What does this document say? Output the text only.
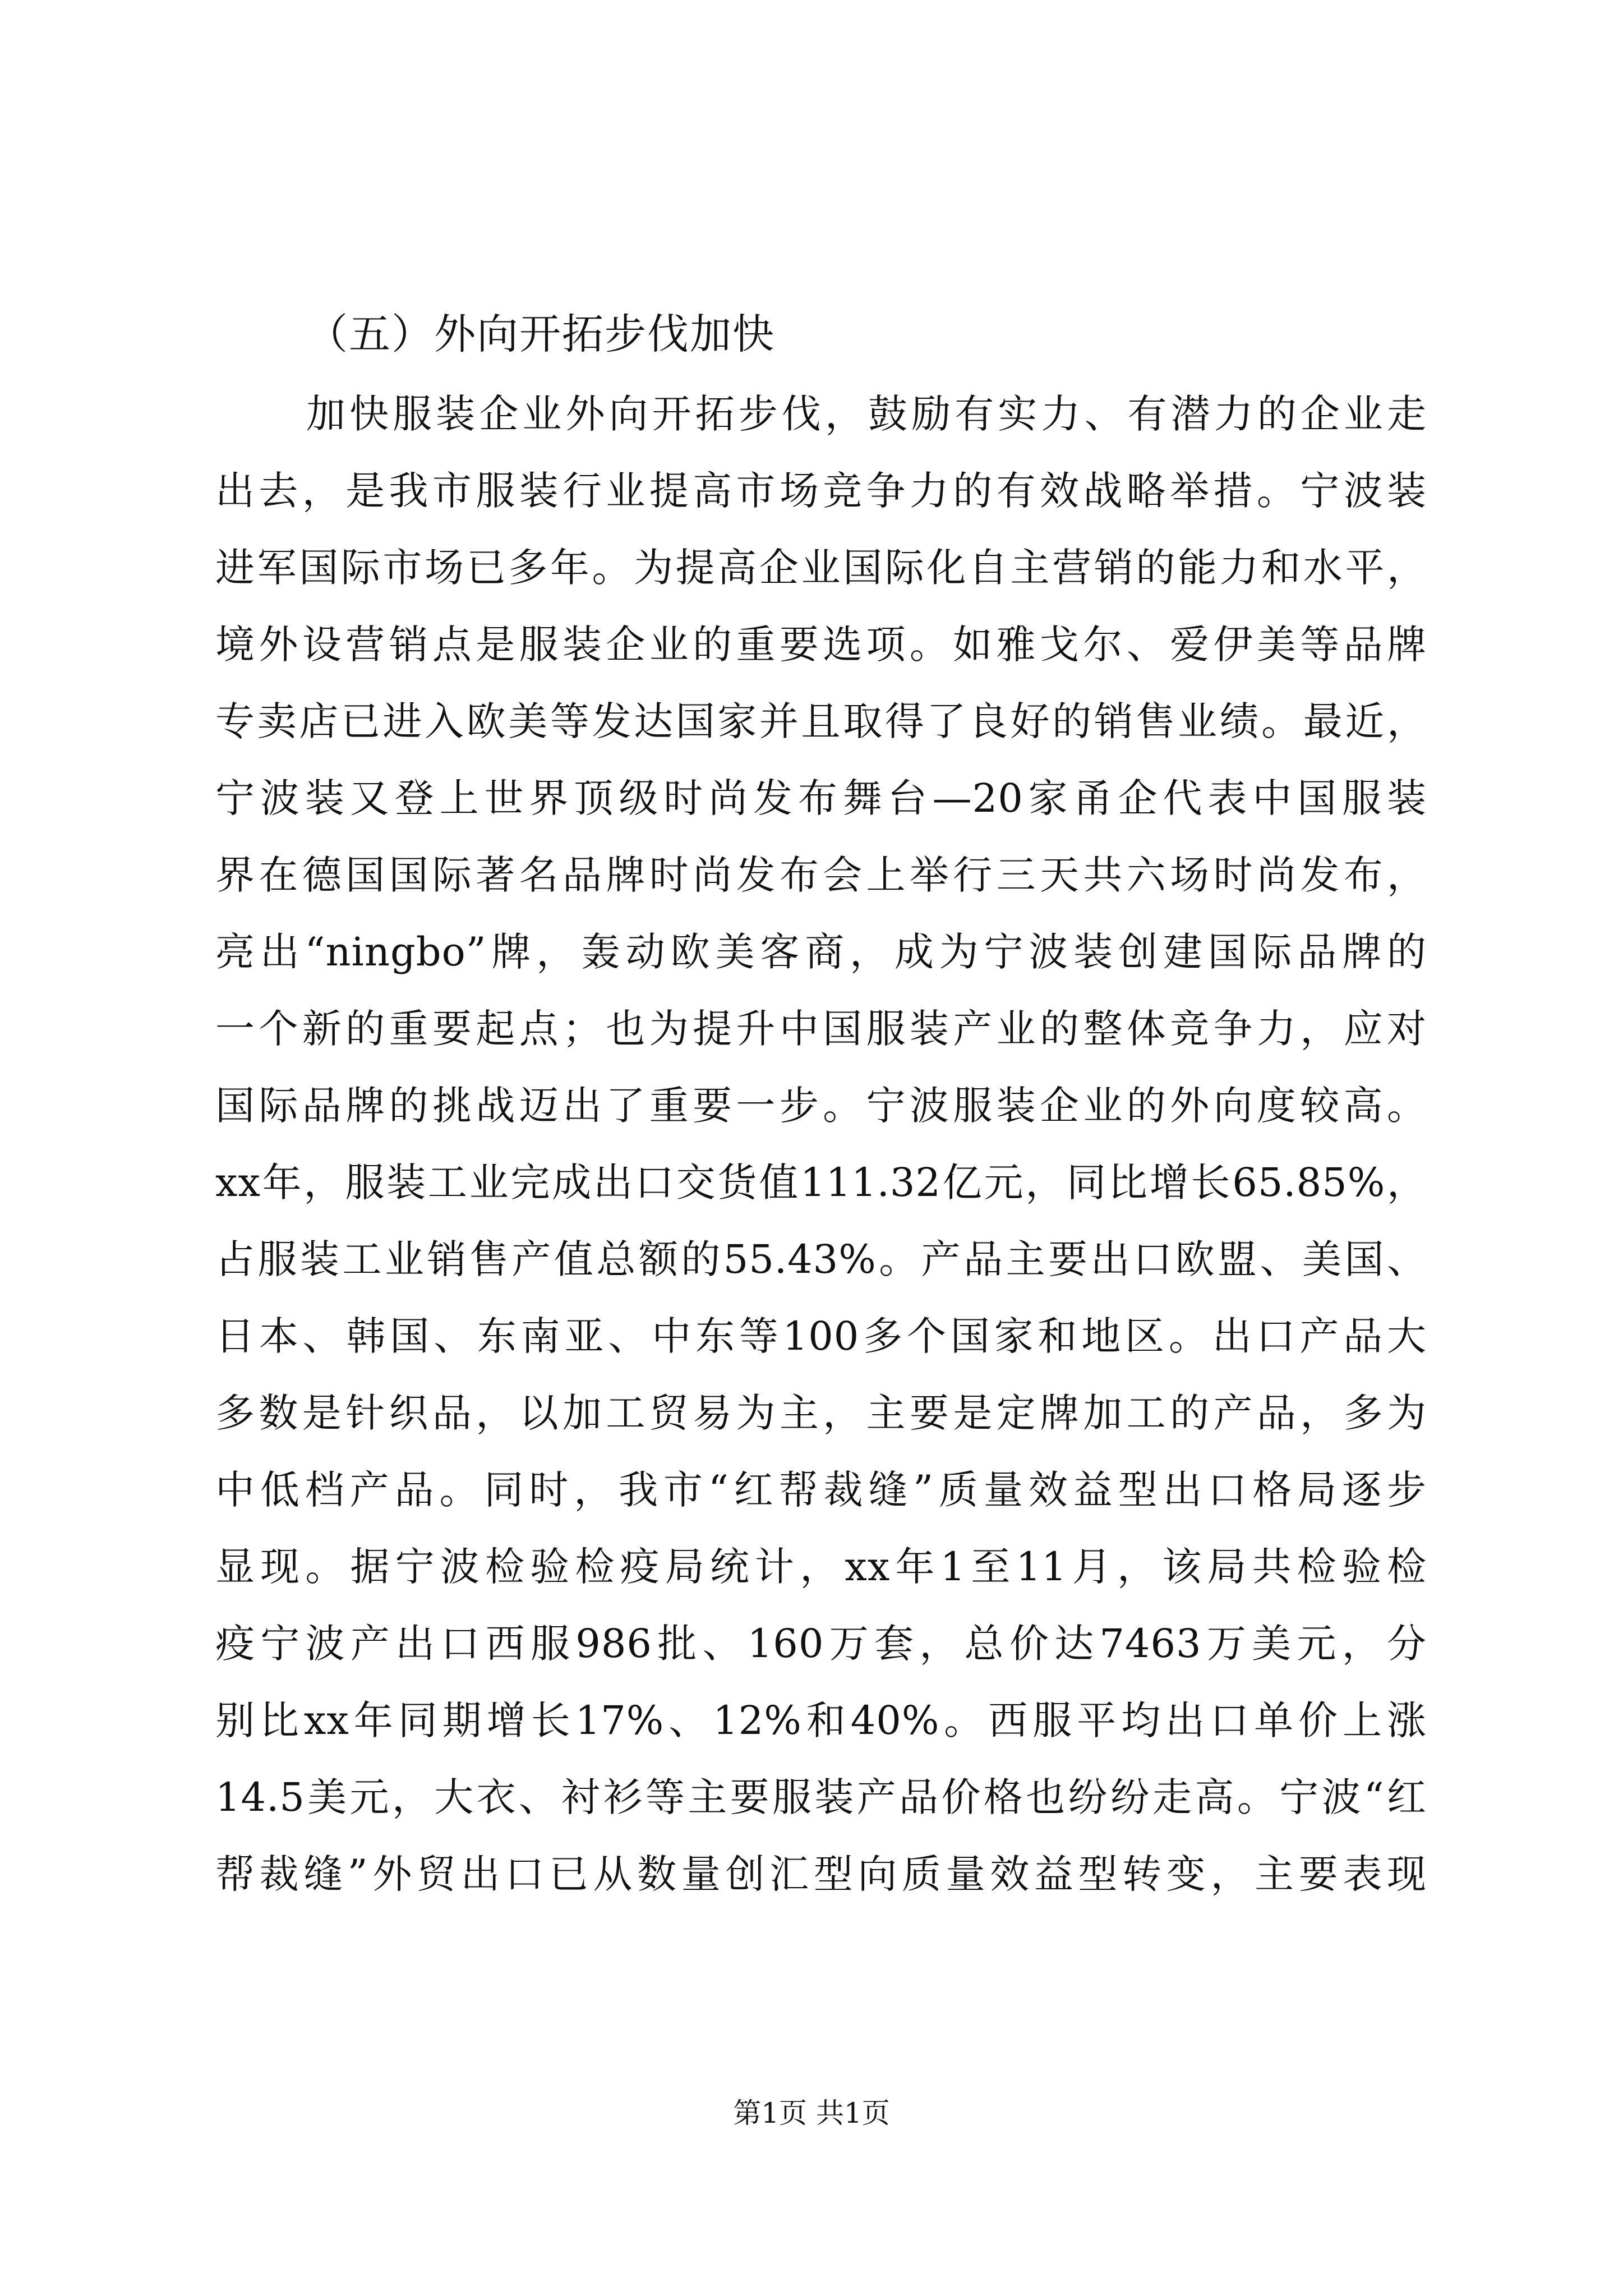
（五）外向开拓步伐加快
加快服装企业外向开拓步伐，鼓励有实力、有潜力的企业走
出去，是我市服装行业提高市场竞争力的有效战略举措。宁波装
进军国际市场已多年。为提高企业国际化自主营销的能力和水平，
境外设营销点是服装企业的重要选项。如雅戈尔、爱伊美等品牌
专卖店已进入欧美等发达国家并且取得了良好的销售业绩。最近，
宁波装又登上世界顶级时尚发布舞台—20家甬企代表中国服装
界在德国国际著名品牌时尚发布会上举行三天共六场时尚发布，
亮出“ningbo”牌，轰动欧美客商，成为宁波装创建国际品牌的
一个新的重要起点；也为提升中国服装产业的整体竞争力，应对
国际品牌的挑战迈出了重要一步。宁波服装企业的外向度较高。
xx年，服装工业完成出口交货值111.32亿元，同比增长65.85%，
占服装工业销售产值总额的55.43%。产品主要出口欧盟、美国、
日本、韩国、东南亚、中东等100多个国家和地区。出口产品大
多数是针织品，以加工贸易为主，主要是定牌加工的产品，多为
中低档产品。同时，我市“红帮裁缝”质量效益型出口格局逐步
显现。据宁波检验检疫局统计，xx年1至11月，该局共检验检
疫宁波产出口西服986批、160万套，总价达7463万美元，分
别比xx年同期增长17%、12%和40%。西服平均出口单价上涨
14.5美元，大衣、衬衫等主要服装产品价格也纷纷走高。宁波“红
帮裁缝”外贸出口已从数量创汇型向质量效益型转变，主要表现
第1页 共1页
